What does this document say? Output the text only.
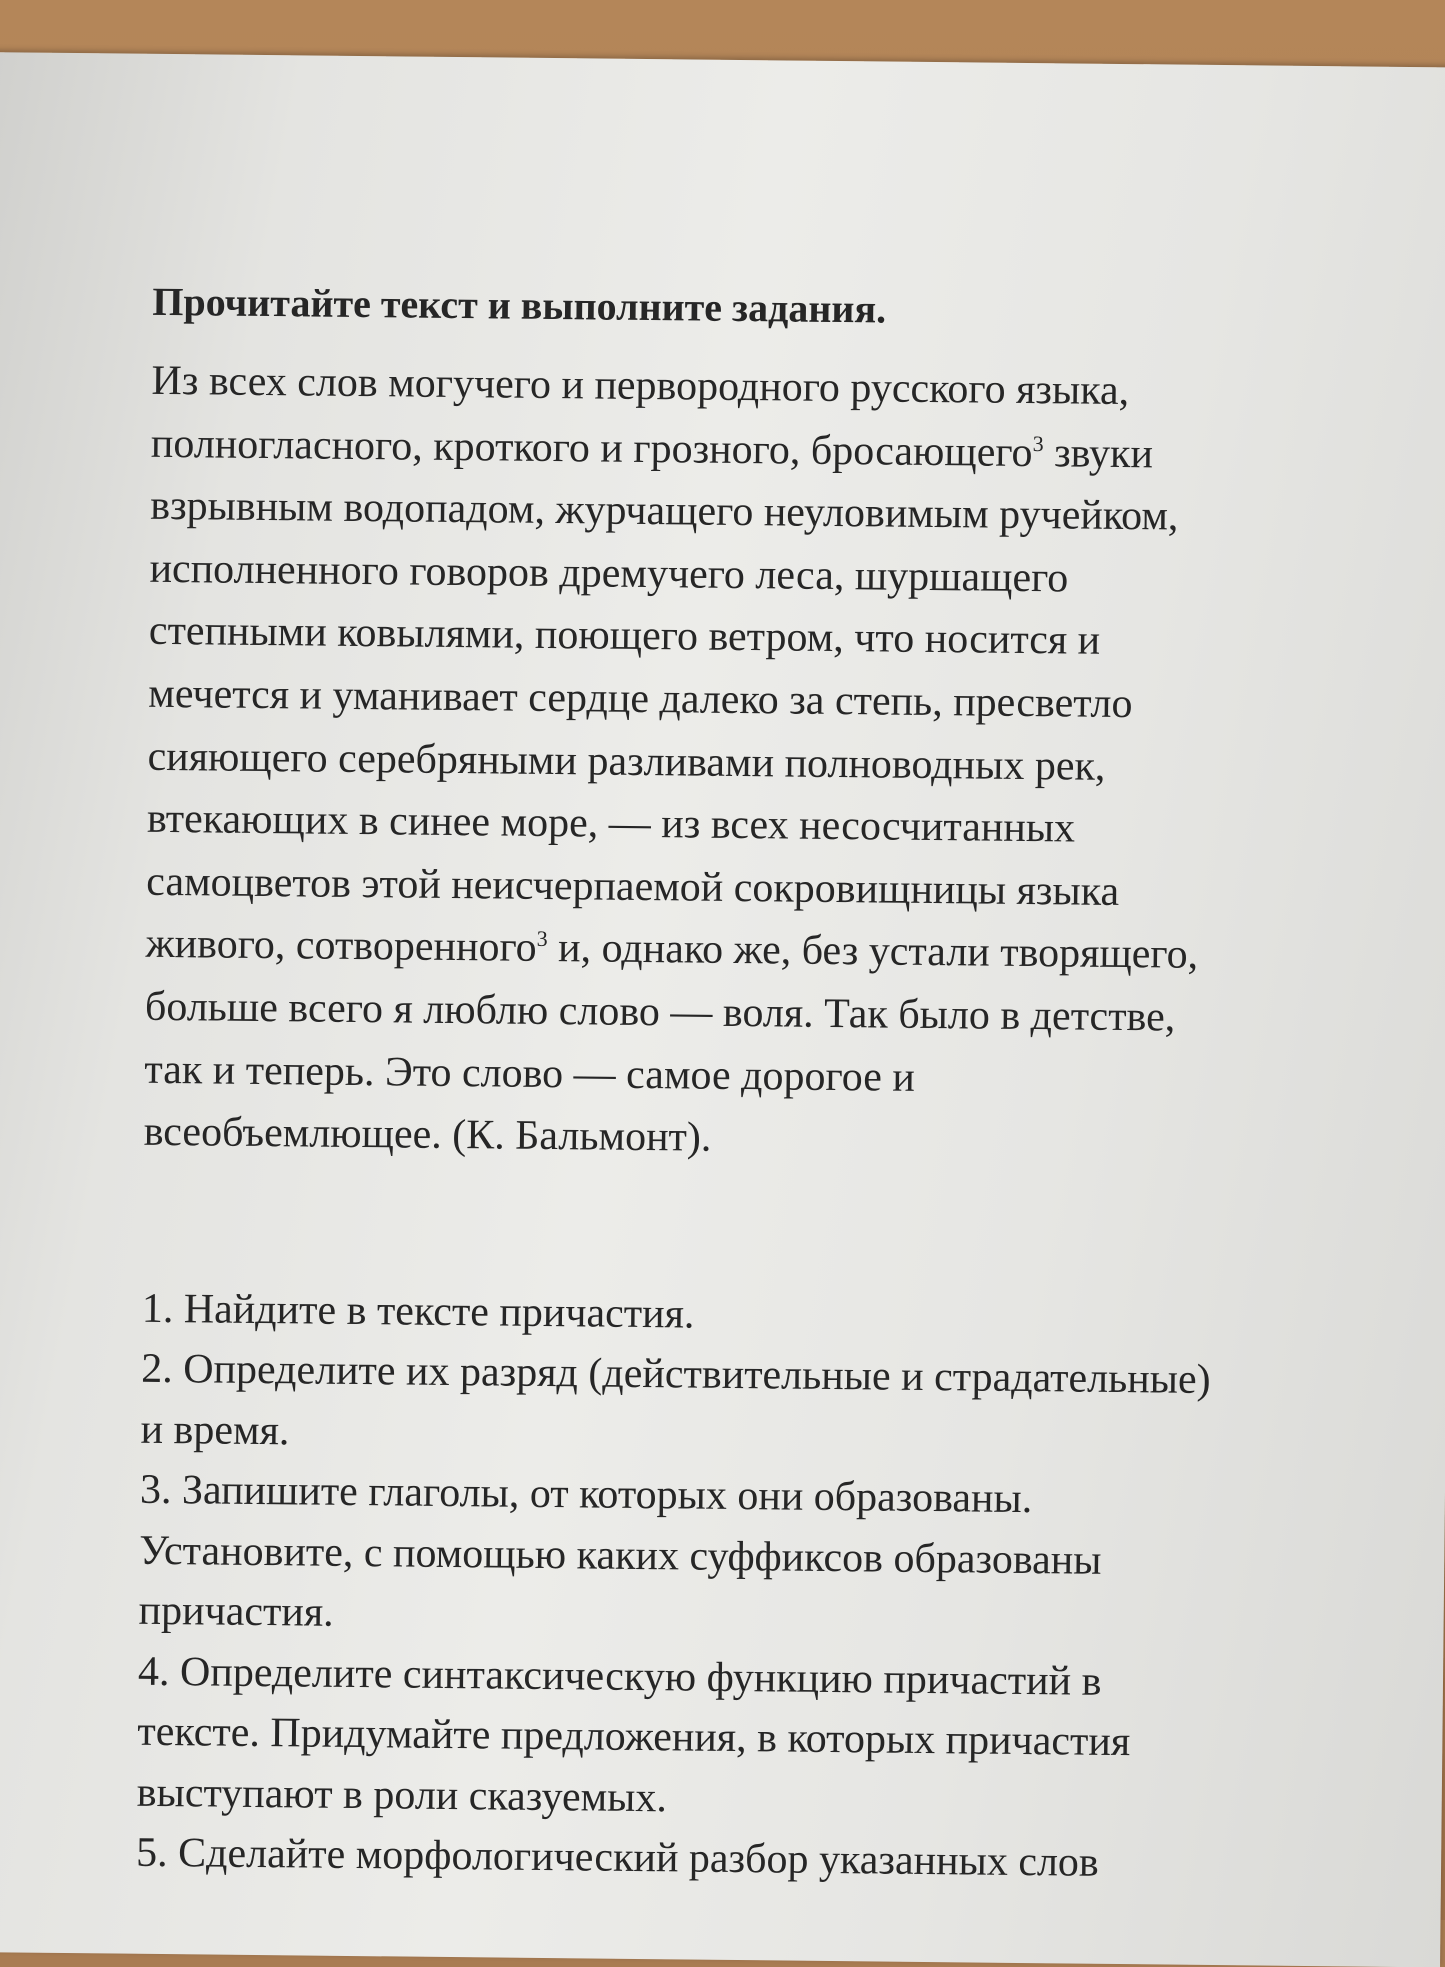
Прочитайте текст и выполните задания.
Из всех слов могучего и первородного русского языка,
полногласного, кроткого и грозного, бросающего$^3$ звуки
взрывным водопадом, журчащего неуловимым ручейком,
исполненного говоров дремучего леса, шуршащего
степными ковылями, поющего ветром, что носится и
мечется и уманивает сердце далеко за степь, пресветло
сияющего серебряными разливами полноводных рек,
втекающих в синее море, — из всех несосчитанных
самоцветов этой неисчерпаемой сокровищницы языка
живого, сотворенного$^3$ и, однако же, без устали творящего,
больше всего я люблю слово — воля. Так было в детстве,
так и теперь. Это слово — самое дорогое и
всеобъемлющее. (К. Бальмонт).
1. Найдите в тексте причастия.
2. Определите их разряд (действительные и страдательные)
и время.
3. Запишите глаголы, от которых они образованы.
Установите, с помощью каких суффиксов образованы
причастия.
4. Определите синтаксическую функцию причастий в
тексте. Придумайте предложения, в которых причастия
выступают в роли сказуемых.
5. Сделайте морфологический разбор указанных слов
